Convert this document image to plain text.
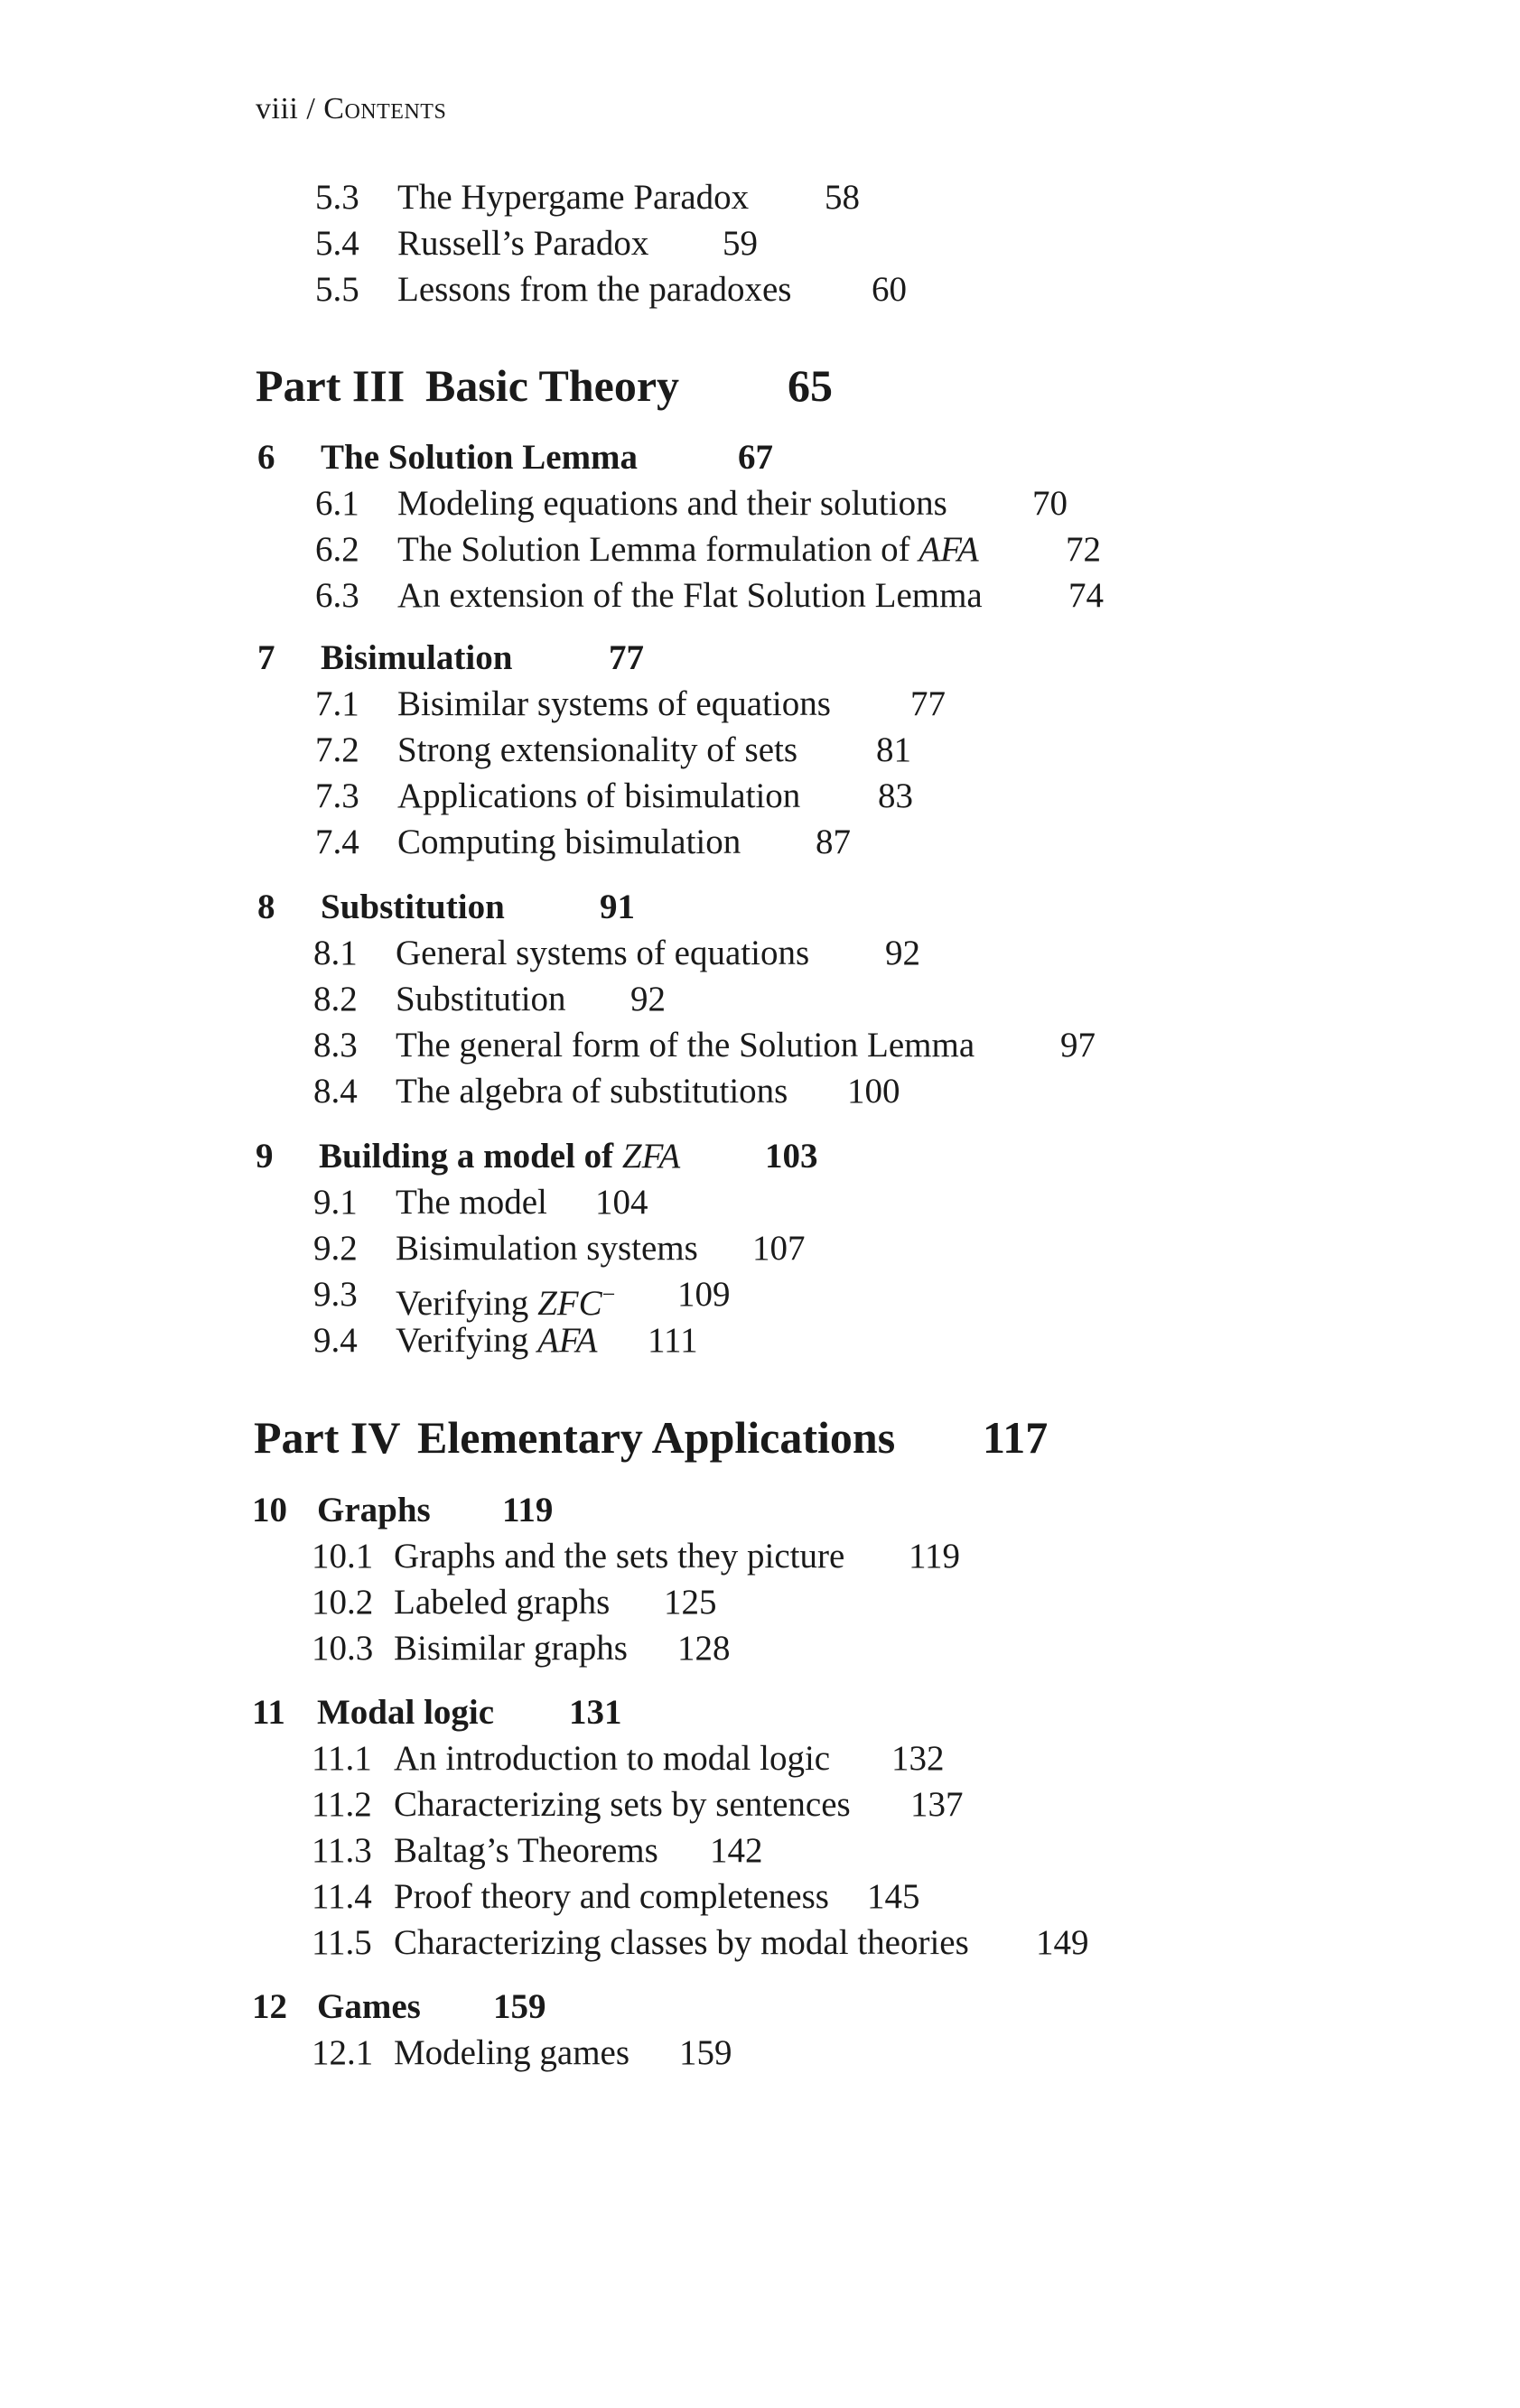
viii / Contents
5.3 The Hypergame Paradox 58
5.4 Russell’s Paradox 59
5.5 Lessons from the paradoxes 60
Part III Basic Theory 65
6 The Solution Lemma	67
6.1 Modeling equations and their solutions 70
6.2 The Solution Lemma formulation of AFA 72
6.3 An extension of the Flat Solution Lemma 74
7 Bisimulation	77
7.1 Bisimilar systems of equations 77
7.2 Strong extensionality of sets 81
7.3 Applications of bisimulation 83
7.4 Computing bisimulation 87
8 Substitution	91
8.1 General systems of equations 92
8.2 Substitution 92
8.3 The general form of the Solution Lemma 97
8.4 The algebra of substitutions 100
9 Building a model of ZFA 103
9.1 The model 104
9.2 Bisimulation systems 107
9.3 Verifying ZFC− 109
9.4 Verifying AFA 111
Part IV Elementary Applications 117
10 Graphs 119
10.1 Graphs and the sets they picture 119
10.2 Labeled graphs 125
10.3 Bisimilar graphs 128
11 Modal logic 131
11.1 An introduction to modal logic 132
11.2 Characterizing sets by sentences 137
11.3 Baltag’s Theorems 142
11.4 Proof theory and completeness 145
11.5 Characterizing classes by modal theories 149
12 Games 159
12.1 Modeling games 159
